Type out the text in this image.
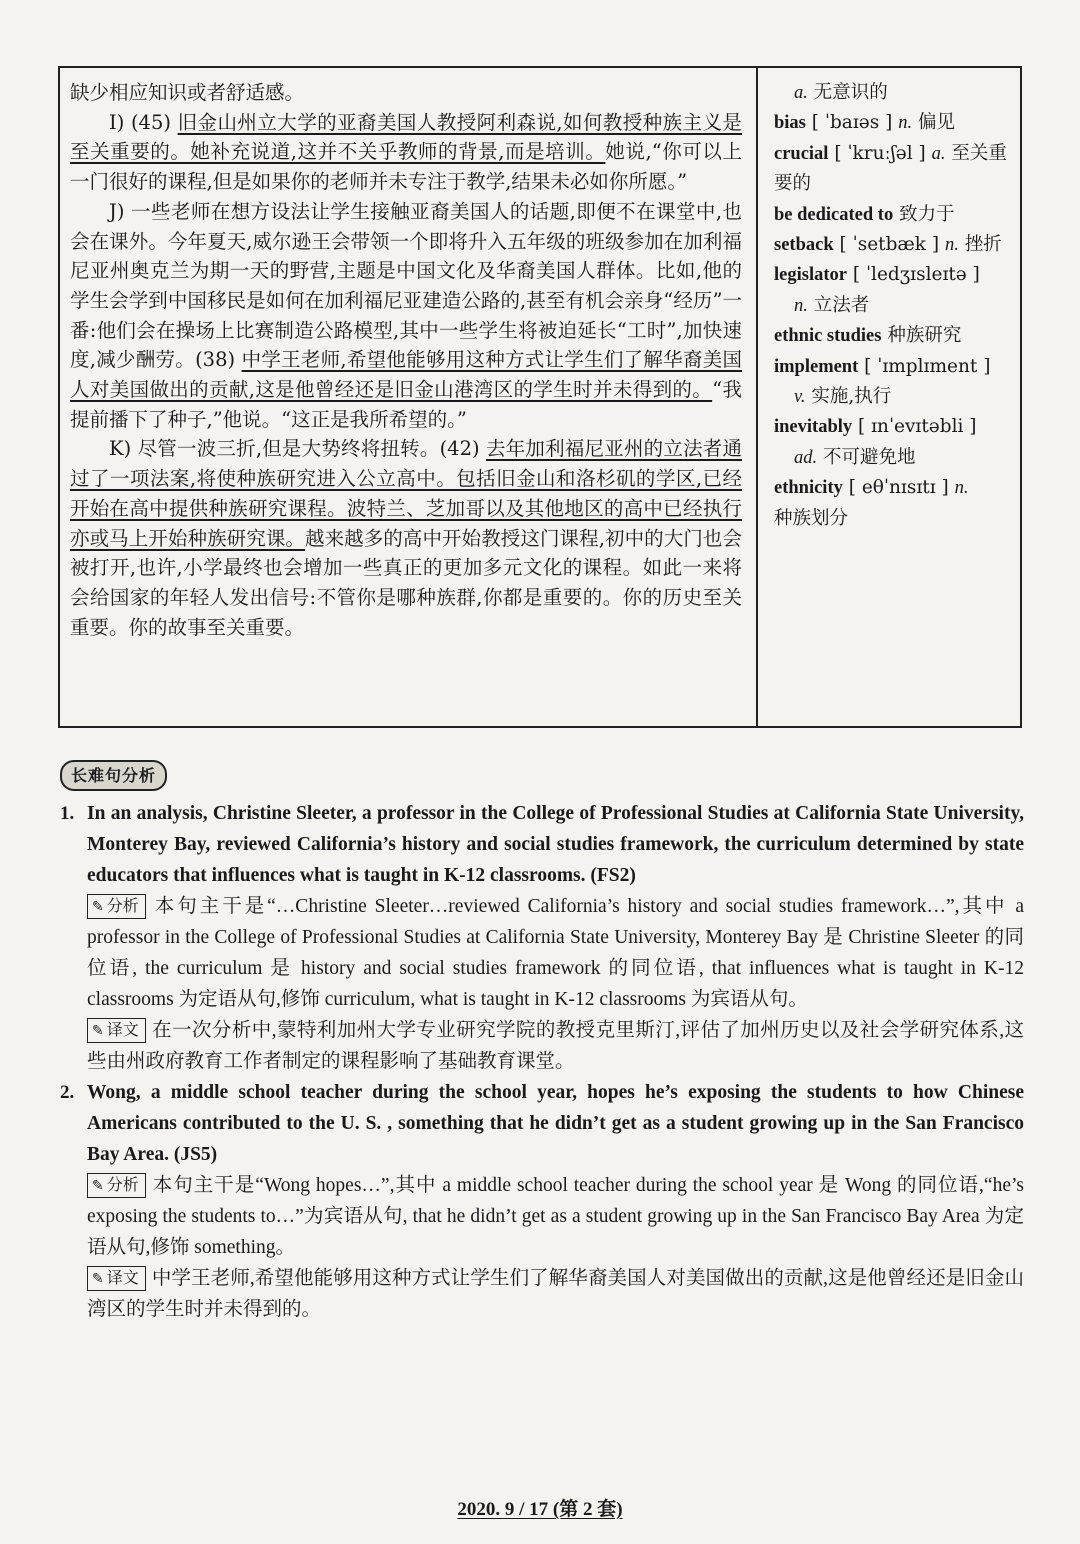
缺少相应知识或者舒适感。

I) (45) 旧金山州立大学的亚裔美国人教授阿利森说,如何教授种族主义是至关重要的。她补充说道,这并不关乎教师的背景,而是培训。她说,“你可以上一门很好的课程,但是如果你的老师并未专注于教学,结果未必如你所愿。”

J) 一些老师在想方设法让学生接触亚裔美国人的话题,即便不在课堂中,也会在课外。今年夏天,威尔逊王会带领一个即将升入五年级的班级参加在加利福尼亚州奥克兰为期一天的野营,主题是中国文化及华裔美国人群体。比如,他的学生会学到中国移民是如何在加利福尼亚建造公路的,甚至有机会亲身“经历”一番:他们会在操场上比赛制造公路模型,其中一些学生将被迫延长“工时”,加快速度,减少酬劳。(38) 中学王老师,希望他能够用这种方式让学生们了解华裔美国人对美国做出的贡献,这是他曾经还是旧金山港湾区的学生时并未得到的。“我提前播下了种子,”他说。“这正是我所希望的。”

K) 尽管一波三折,但是大势终将扭转。(42) 去年加利福尼亚州的立法者通过了一项法案,将使种族研究进入公立高中。包括旧金山和洛杉矶的学区,已经开始在高中提供种族研究课程。波特兰、芝加哥以及其他地区的高中已经执行亦或马上开始种族研究课。越来越多的高中开始教授这门课程,初中的大门也会被打开,也许,小学最终也会增加一些真正的更加多元文化的课程。如此一来将会给国家的年轻人发出信号:不管你是哪种族群,你都是重要的。你的历史至关重要。你的故事至关重要。

a. 无意识的
bias [ ˈbaɪəs ] n. 偏见
crucial [ ˈkruːʃəl ] a. 至关重要的
be dedicated to 致力于
setback [ ˈsetbæk ] n. 挫折
legislator [ ˈledʒɪsleɪtə ]
n. 立法者
ethnic studies 种族研究
implement [ ˈɪmplɪment ]
v. 实施,执行
inevitably [ ɪnˈevɪtəbli ]
ad. 不可避免地
ethnicity [ eθˈnɪsɪtɪ ] n.
种族划分
长难句分析
1. In an analysis, Christine Sleeter, a professor in the College of Professional Studies at California State University, Monterey Bay, reviewed California’s history and social studies framework, the curriculum determined by state educators that influences what is taught in K-12 classrooms. (FS2)
✎ 分析 本句主干是“…Christine Sleeter…reviewed California’s history and social studies framework…”,其中 a professor in the College of Professional Studies at California State University, Monterey Bay 是 Christine Sleeter 的同位语, the curriculum 是 history and social studies framework 的同位语, that influences what is taught in K-12 classrooms 为定语从句,修饰 curriculum, what is taught in K-12 classrooms 为宾语从句。
✎ 译文 在一次分析中,蒙特利加州大学专业研究学院的教授克里斯汀,评估了加州历史以及社会学研究体系,这些由州政府教育工作者制定的课程影响了基础教育课堂。
2. Wong, a middle school teacher during the school year, hopes he’s exposing the students to how Chinese Americans contributed to the U. S. , something that he didn’t get as a student growing up in the San Francisco Bay Area. (JS5)
✎ 分析 本句主干是“Wong hopes…”,其中 a middle school teacher during the school year 是 Wong 的同位语,“he’s exposing the students to…”为宾语从句, that he didn’t get as a student growing up in the San Francisco Bay Area 为定语从句,修饰 something。
✎ 译文 中学王老师,希望他能够用这种方式让学生们了解华裔美国人对美国做出的贡献,这是他曾经还是旧金山湾区的学生时并未得到的。
2020. 9 / 17 (第 2 套)
